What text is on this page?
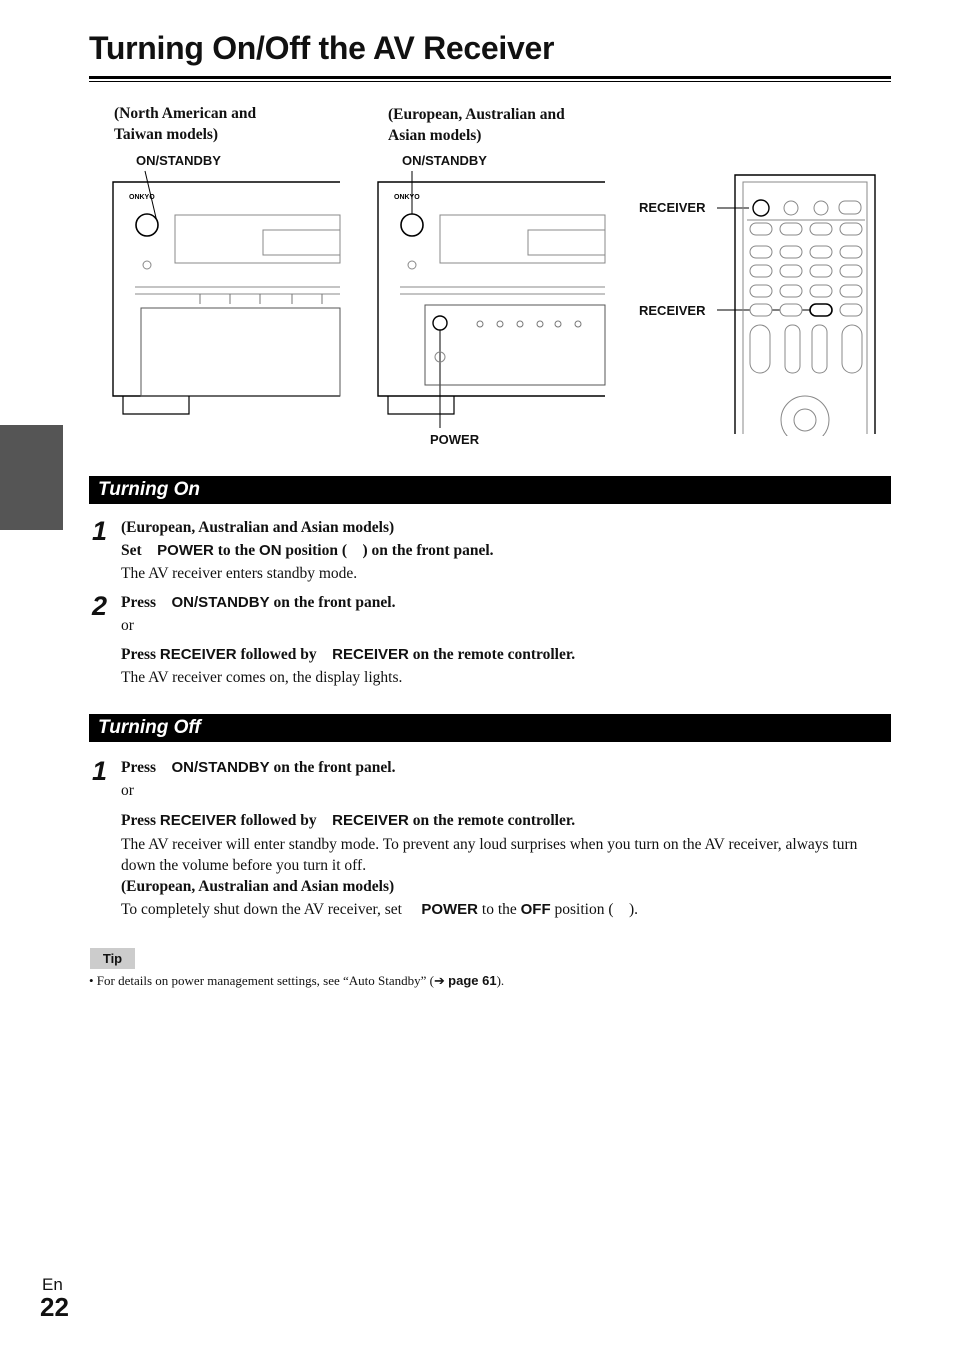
Turning On/Off the AV Receiver
(North American and Taiwan models)
(European, Australian and Asian models)
ON/STANDBY	ON/STANDBY
POWER
RECEIVER
RECEIVER
ONKYO	ONKYO
Turning On
1 (European, Australian and Asian models)
Set POWER to the ON position ( ) on the front panel.
The AV receiver enters standby mode.
2 Press ON/STANDBY on the front panel.
or
Press RECEIVER followed by RECEIVER on the remote controller.
The AV receiver comes on, the display lights.
Turning Off
1 Press ON/STANDBY on the front panel.
or
Press RECEIVER followed by RECEIVER on the remote controller.
The AV receiver will enter standby mode. To prevent any loud surprises when you turn on the AV receiver, always turn down the volume before you turn it off.
(European, Australian and Asian models)
To completely shut down the AV receiver, set POWER to the OFF position ( ).
Tip
• For details on power management settings, see “Auto Standby” (➔ page 61).
En
22
